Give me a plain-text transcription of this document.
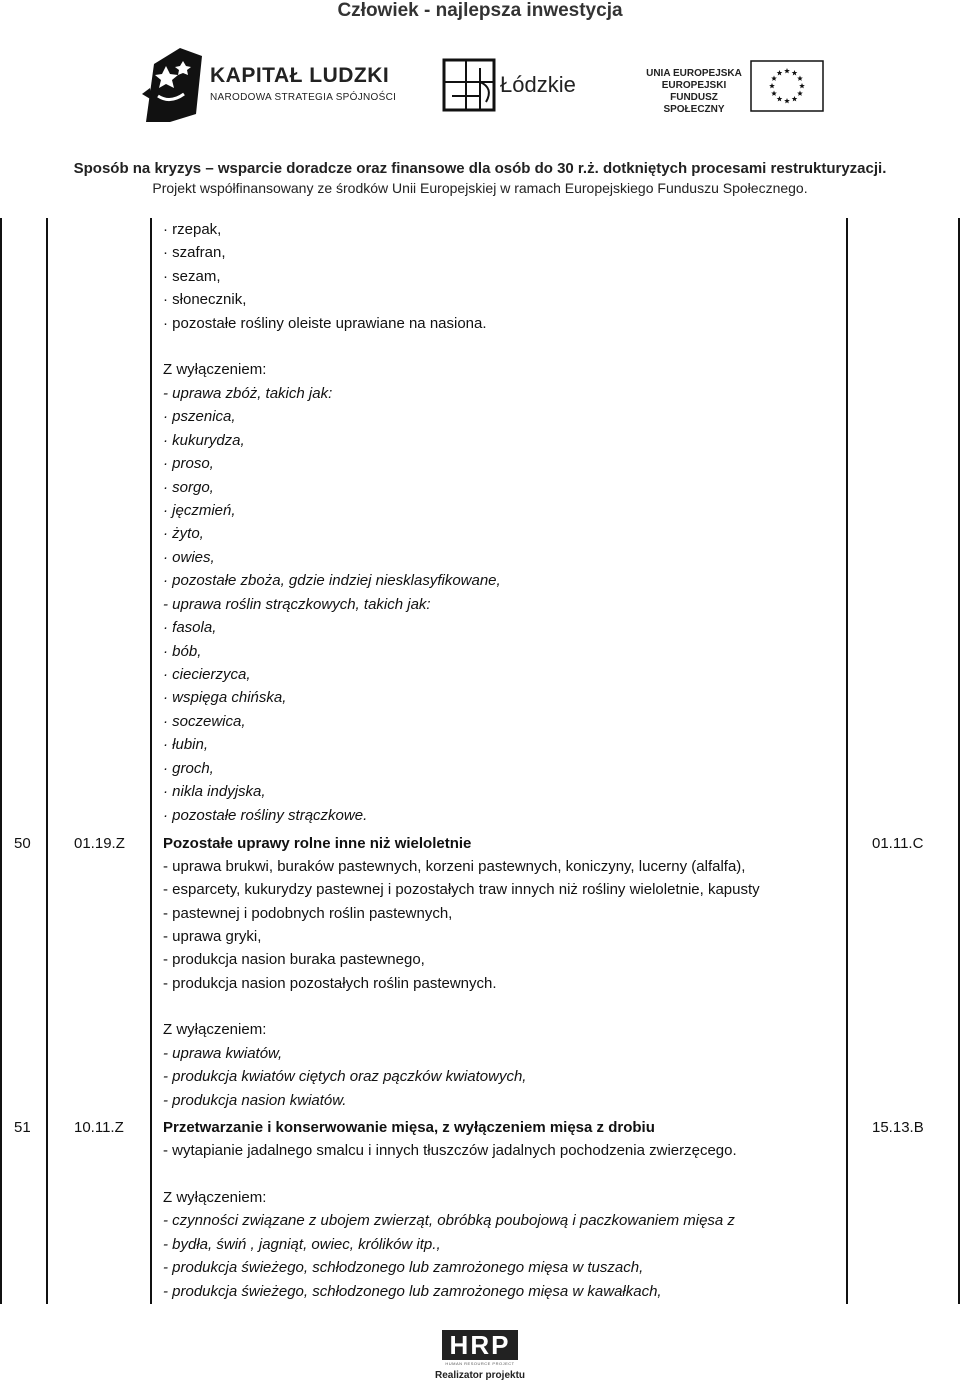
Człowiek - najlepsza inwestycja
KAPITAŁ LUDZKI
NARODOWA STRATEGIA SPÓJNOŚCI
Łódzkie	UNIA EUROPEJSKA
EUROPEJSKI
FUNDUSZ SPOŁECZNY
Sposób na kryzys – wsparcie doradcze oraz finansowe dla osób do 30 r.ż. dotkniętych procesami restrukturyzacji.
Projekt współfinansowany ze środków Unii Europejskiej w ramach Europejskiego Funduszu Społecznego.
· rzepak,
· szafran,
· sezam,
· słonecznik,
· pozostałe rośliny oleiste uprawiane na nasiona.
Z wyłączeniem:
- uprawa zbóż, takich jak:
· pszenica,
· kukurydza,
· proso,
· sorgo,
· jęczmień,
· żyto,
· owies,
· pozostałe zboża, gdzie indziej niesklasyfikowane,
- uprawa roślin strączkowych, takich jak:
· fasola,
· bób,
· ciecierzyca,
· wspięga chińska,
· soczewica,
· łubin,
· groch,
· nikla indyjska,
· pozostałe rośliny strączkowe.
50	01.19.Z	Pozostałe uprawy rolne inne niż wieloletnie	01.11.C
- uprawa brukwi, buraków pastewnych, korzeni pastewnych, koniczyny, lucerny (alfalfa),
- esparcety, kukurydzy pastewnej i pozostałych traw innych niż rośliny wieloletnie, kapusty
- pastewnej i podobnych roślin pastewnych,
- uprawa gryki,
- produkcja nasion buraka pastewnego,
- produkcja nasion pozostałych roślin pastewnych.
Z wyłączeniem:
- uprawa kwiatów,
- produkcja kwiatów ciętych oraz pączków kwiatowych,
- produkcja nasion kwiatów.
51	10.11.Z	Przetwarzanie i konserwowanie mięsa, z wyłączeniem mięsa z drobiu	15.13.B
- wytapianie jadalnego smalcu i innych tłuszczów jadalnych pochodzenia zwierzęcego.
Z wyłączeniem:
- czynności związane z ubojem zwierząt, obróbką poubojową i paczkowaniem mięsa z
- bydła, świń , jagniąt, owiec, królików itp.,
- produkcja świeżego, schłodzonego lub zamrożonego mięsa w tuszach,
- produkcja świeżego, schłodzonego lub zamrożonego mięsa w kawałkach,
HRP
HUMAN RESOURCE PROJECT
Realizator projektu
